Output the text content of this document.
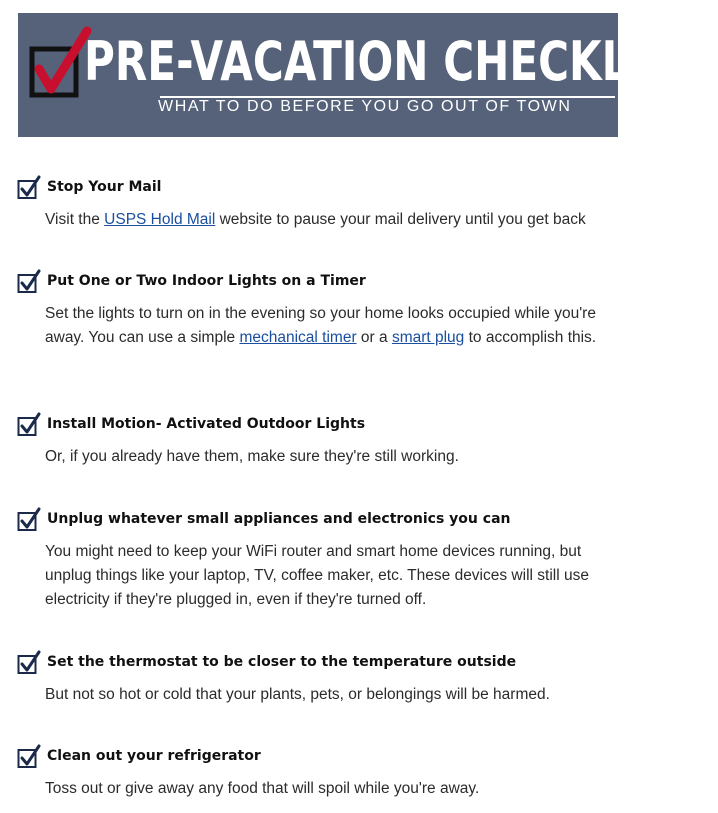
PRE-VACATION CHECKLIST:
WHAT TO DO BEFORE YOU GO OUT OF TOWN
Stop Your Mail
Visit the USPS Hold Mail website to pause your mail delivery until you get back
Put One or Two Indoor Lights on a Timer
Set the lights to turn on in the evening so your home looks occupied while you're away. You can use a simple mechanical timer or a smart plug to accomplish this.
Install Motion- Activated Outdoor Lights
Or, if you already have them, make sure they're still working.
Unplug whatever small appliances and electronics you can
You might need to keep your WiFi router and smart home devices running, but unplug things like your laptop, TV, coffee maker, etc. These devices will still use electricity if they're plugged in, even if they're turned off.
Set the thermostat to be closer to the temperature outside
But not so hot or cold that your plants, pets, or belongings will be harmed.
Clean out your refrigerator
Toss out or give away any food that will spoil while you're away.
